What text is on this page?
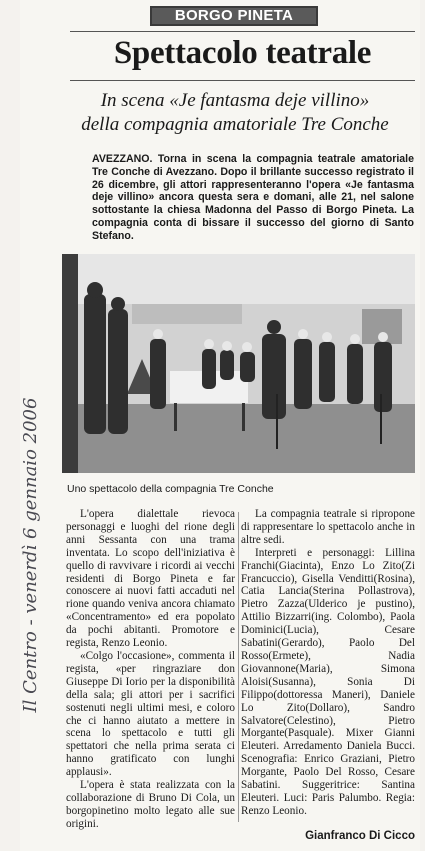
Il Centro - venerdì 6 gennaio 2006
BORGO PINETA
Spettacolo teatrale
In scena «Je fantasma deje villino»
della compagnia amatoriale Tre Conche
AVEZZANO. Torna in scena la compagnia teatrale amatoriale Tre Conche di Avezzano. Dopo il brillante successo registrato il 26 dicembre, gli attori rappresenteranno l'opera «Je fantasma deje villino» ancora questa sera e domani, alle 21, nel salone sottostante la chiesa Madonna del Passo di Borgo Pineta. La compagnia conta di bissare il successo del giorno di Santo Stefano.
Uno spettacolo della compagnia Tre Conche

L'opera dialettale rievoca personaggi e luoghi del rione degli anni Sessanta con una trama inventata. Lo scopo dell'iniziativa è quello di ravvivare i ricordi ai vecchi residenti di Borgo Pineta e far conoscere ai nuovi fatti accaduti nel rione quando veniva ancora chiamato «Concentramento» ed era popolato da pochi abitanti. Promotore e regista, Renzo Leonio.

«Colgo l'occasione», commenta il regista, «per ringraziare don Giuseppe Di Iorio per la disponibilità della sala; gli attori per i sacrifici sostenuti negli ultimi mesi, e coloro che ci hanno aiutato a mettere in scena lo spettacolo e tutti gli spettatori che nella prima serata ci hanno gratificato con lunghi applausi».

L'opera è stata realizzata con la collaborazione di Bruno Di Cola, un borgopinetino molto legato alle sue origini.

La compagnia teatrale si ripropone di rappresentare lo spettacolo anche in altre sedi.

Interpreti e personaggi: Lillina Franchi(Giacinta), Enzo Lo Zito(Zi Francuccio), Gisella Venditti(Rosina), Catia Lancia(Sterina Pollastrova), Pietro Zazza(Ulderico je pustino), Attilio Bizzarri(ing. Colombo), Paola Dominici(Lucia), Cesare Sabatini(Gerardo), Paolo Del Rosso(Ermete), Nadia Giovannone(Maria), Simona Aloisi(Susanna), Sonia Di Filippo(dottoressa Maneri), Daniele Lo Zito(Dollaro), Sandro Salvatore(Celestino), Pietro Morgante(Pasquale). Mixer Gianni Eleuteri. Arredamento Daniela Bucci. Scenografia: Enrico Graziani, Pietro Morgante, Paolo Del Rosso, Cesare Sabatini. Suggeritrice: Santina Eleuteri. Luci: Paris Palumbo. Regia: Renzo Leonio.

Gianfranco Di Cicco
